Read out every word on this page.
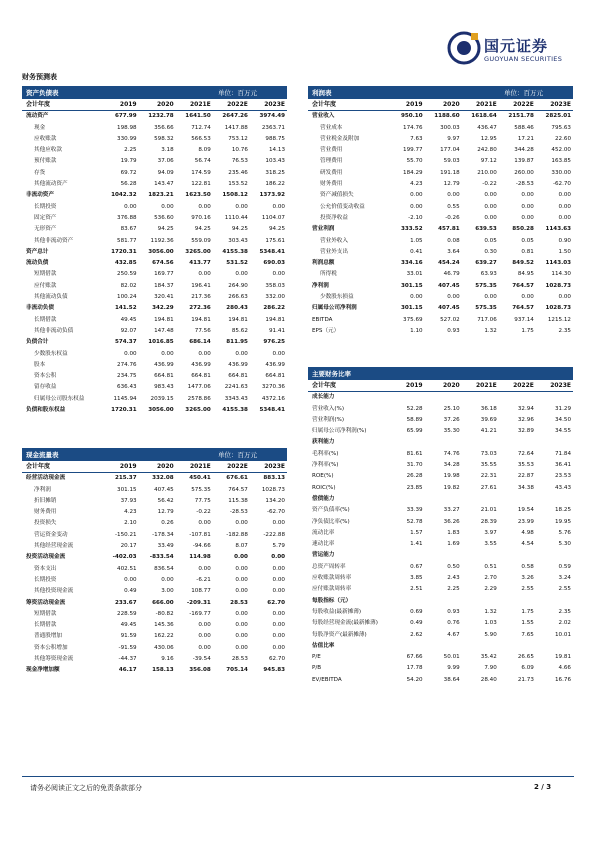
国元证券
GUOYUAN SECURITIES
财务预测表
资产负债表	单位：百万元
会计年度	2019	2020	2021E	2022E	2023E
流动资产	677.99	1232.78	1641.50	2647.26	3974.49
现金	198.98	356.66	712.74	1417.88	2363.71
应收账款	330.99	598.32	566.53	753.12	988.75
其他应收款	2.25	3.18	8.09	10.76	14.13
预付账款	19.79	37.06	56.74	76.53	103.43
存货	69.72	94.09	174.59	235.46	318.25
其他流动资产	56.28	143.47	122.81	153.52	186.22
非流动资产	1042.32	1823.21	1623.50	1508.12	1373.92
长期投资	0.00	0.00	0.00	0.00	0.00
固定资产	376.88	536.60	970.16	1110.44	1104.07
无形资产	83.67	94.25	94.25	94.25	94.25
其他非流动资产	581.77	1192.36	559.09	303.43	175.61
资产总计	1720.31	3056.00	3265.00	4155.38	5348.41
流动负债	432.85	674.56	413.77	531.52	690.03
短期借款	250.59	169.77	0.00	0.00	0.00
应付账款	82.02	184.37	196.41	264.90	358.03
其他流动负债	100.24	320.41	217.36	266.63	332.00
非流动负债	141.52	342.29	272.36	280.43	286.22
长期借款	49.45	194.81	194.81	194.81	194.81
其他非流动负债	92.07	147.48	77.56	85.62	91.41
负债合计	574.37	1016.85	686.14	811.95	976.25
少数股东权益	0.00	0.00	0.00	0.00	0.00
股本	274.76	436.99	436.99	436.99	436.99
资本公积	234.75	664.81	664.81	664.81	664.81
留存收益	636.43	983.43	1477.06	2241.63	3270.36
归属母公司股东权益	1145.94	2039.15	2578.86	3343.43	4372.16
负债和股东权益	1720.31	3056.00	3265.00	4155.38	5348.41
利润表	单位：百万元
会计年度	2019	2020	2021E	2022E	2023E
营业收入	950.10	1188.60	1618.64	2151.78	2825.01
营业成本	174.76	300.03	436.47	588.46	795.63
营业税金及附加	7.63	9.97	12.95	17.21	22.60
营业费用	199.77	177.04	242.80	344.28	452.00
管理费用	55.70	59.03	97.12	139.87	163.85
研发费用	184.29	191.18	210.00	260.00	330.00
财务费用	4.23	12.79	-0.22	-28.53	-62.70
资产减值损失	0.00	0.00	0.00	0.00	0.00
公允价值变动收益	0.00	0.55	0.00	0.00	0.00
投资净收益	-2.10	-0.26	0.00	0.00	0.00
营业利润	333.52	457.81	639.53	850.28	1143.63
营业外收入	1.05	0.08	0.05	0.05	0.90
营业外支出	0.41	3.64	0.30	0.81	1.50
利润总额	334.16	454.24	639.27	849.52	1143.03
所得税	33.01	46.79	63.93	84.95	114.30
净利润	301.15	407.45	575.35	764.57	1028.73
少数股东损益	0.00	0.00	0.00	0.00	0.00
归属母公司净利润	301.15	407.45	575.35	764.57	1028.73
EBITDA	375.69	527.02	717.06	937.14	1215.12
EPS（元）	1.10	0.93	1.32	1.75	2.35
现金流量表	单位：百万元
会计年度	2019	2020	2021E	2022E	2023E
经营活动现金流	215.37	332.08	450.41	676.61	883.13
净利润	301.15	407.45	575.35	764.57	1028.73
折旧摊销	37.93	56.42	77.75	115.38	134.20
财务费用	4.23	12.79	-0.22	-28.53	-62.70
投资损失	2.10	0.26	0.00	0.00	0.00
营运资金变动	-150.21	-178.34	-107.81	-182.88	-222.88
其他经营现金流	20.17	33.49	-94.66	8.07	5.79
投资活动现金流	-402.03	-833.54	114.98	0.00	0.00
资本支出	402.51	836.54	0.00	0.00	0.00
长期投资	0.00	0.00	-6.21	0.00	0.00
其他投资现金流	0.49	3.00	108.77	0.00	0.00
筹资活动现金流	233.67	666.00	-209.31	28.53	62.70
短期借款	228.59	-80.82	-169.77	0.00	0.00
长期借款	49.45	145.36	0.00	0.00	0.00
普通股增加	91.59	162.22	0.00	0.00	0.00
资本公积增加	-91.59	430.06	0.00	0.00	0.00
其他筹资现金流	-44.37	9.16	-39.54	28.53	62.70
现金净增加额	46.17	158.13	356.08	705.14	945.83
主要财务比率
会计年度	2019	2020	2021E	2022E	2023E
成长能力					
营业收入(%)	52.28	25.10	36.18	32.94	31.29
营业利润(%)	58.89	37.26	39.69	32.96	34.50
归属母公司净利润(%)	65.99	35.30	41.21	32.89	34.55
获利能力					
毛利率(%)	81.61	74.76	73.03	72.64	71.84
净利率(%)	31.70	34.28	35.55	35.53	36.41
ROE(%)	26.28	19.98	22.31	22.87	23.53
ROIC(%)	23.85	19.82	27.61	34.38	43.43
偿债能力					
资产负债率(%)	33.39	33.27	21.01	19.54	18.25
净负债比率(%)	52.78	36.26	28.39	23.99	19.95
流动比率	1.57	1.83	3.97	4.98	5.76
速动比率	1.41	1.69	3.55	4.54	5.30
营运能力					
总资产周转率	0.67	0.50	0.51	0.58	0.59
应收账款周转率	3.85	2.43	2.70	3.26	3.24
应付账款周转率	2.51	2.25	2.29	2.55	2.55
每股指标（元）					
每股收益(最新摊薄)	0.69	0.93	1.32	1.75	2.35
每股经营现金流(最新摊薄)	0.49	0.76	1.03	1.55	2.02
每股净资产(最新摊薄)	2.62	4.67	5.90	7.65	10.01
估值比率					
P/E	67.66	50.01	35.42	26.65	19.81
P/B	17.78	9.99	7.90	6.09	4.66
EV/EBITDA	54.20	38.64	28.40	21.73	16.76
请务必阅读正文之后的免责条款部分	2 / 3
